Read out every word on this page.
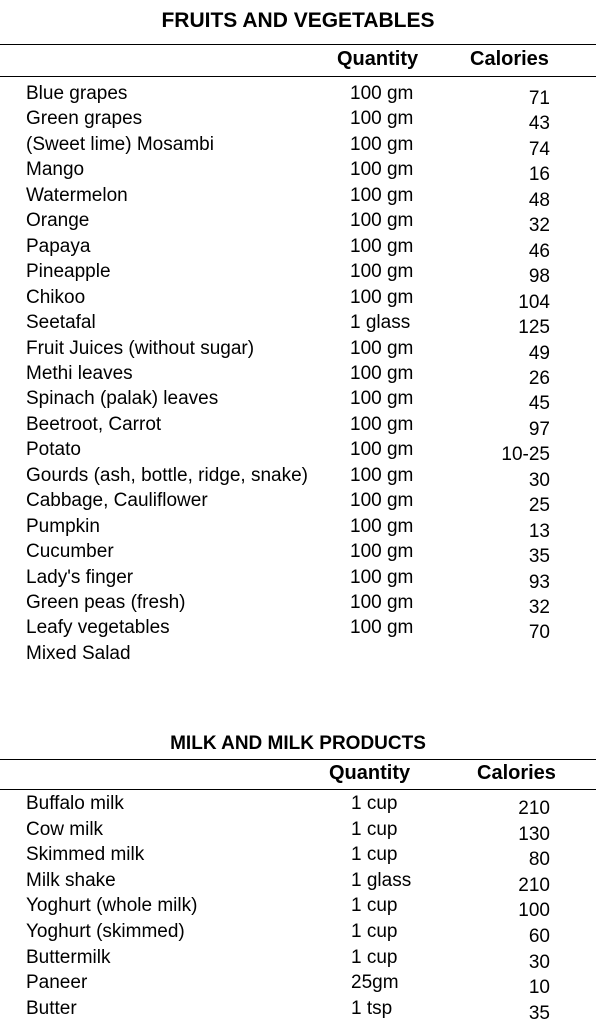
FRUITS AND VEGETABLES
Quantity	Calories
Blue grapes	100 gm	71
Green grapes	100 gm	43
(Sweet lime) Mosambi	100 gm	74
Mango	100 gm	16
Watermelon	100 gm	48
Orange	100 gm	32
Papaya	100 gm	46
Pineapple	100 gm	98
Chikoo	100 gm	104
Seetafal	1 glass	125
Fruit Juices (without sugar)	100 gm	49
Methi leaves	100 gm	26
Spinach (palak) leaves	100 gm	45
Beetroot, Carrot	100 gm	97
Potato	100 gm	10-25
Gourds (ash, bottle, ridge, snake) 100 gm	30
Cabbage, Cauliflower	100 gm	25
Pumpkin	100 gm	13
Cucumber	100 gm	35
Lady's finger	100 gm	93
Green peas (fresh)	100 gm	32
Leafy vegetables	100 gm	70
Mixed Salad
MILK AND MILK PRODUCTS
Quantity	Calories
Buffalo milk	1 cup	210
Cow milk	1 cup	130
Skimmed milk	1 cup	80
Milk shake	1 glass	210
Yoghurt (whole milk)	1 cup	100
Yoghurt (skimmed)	1 cup	60
Buttermilk	1 cup	30
Paneer	25gm	10
Butter	1 tsp	35
